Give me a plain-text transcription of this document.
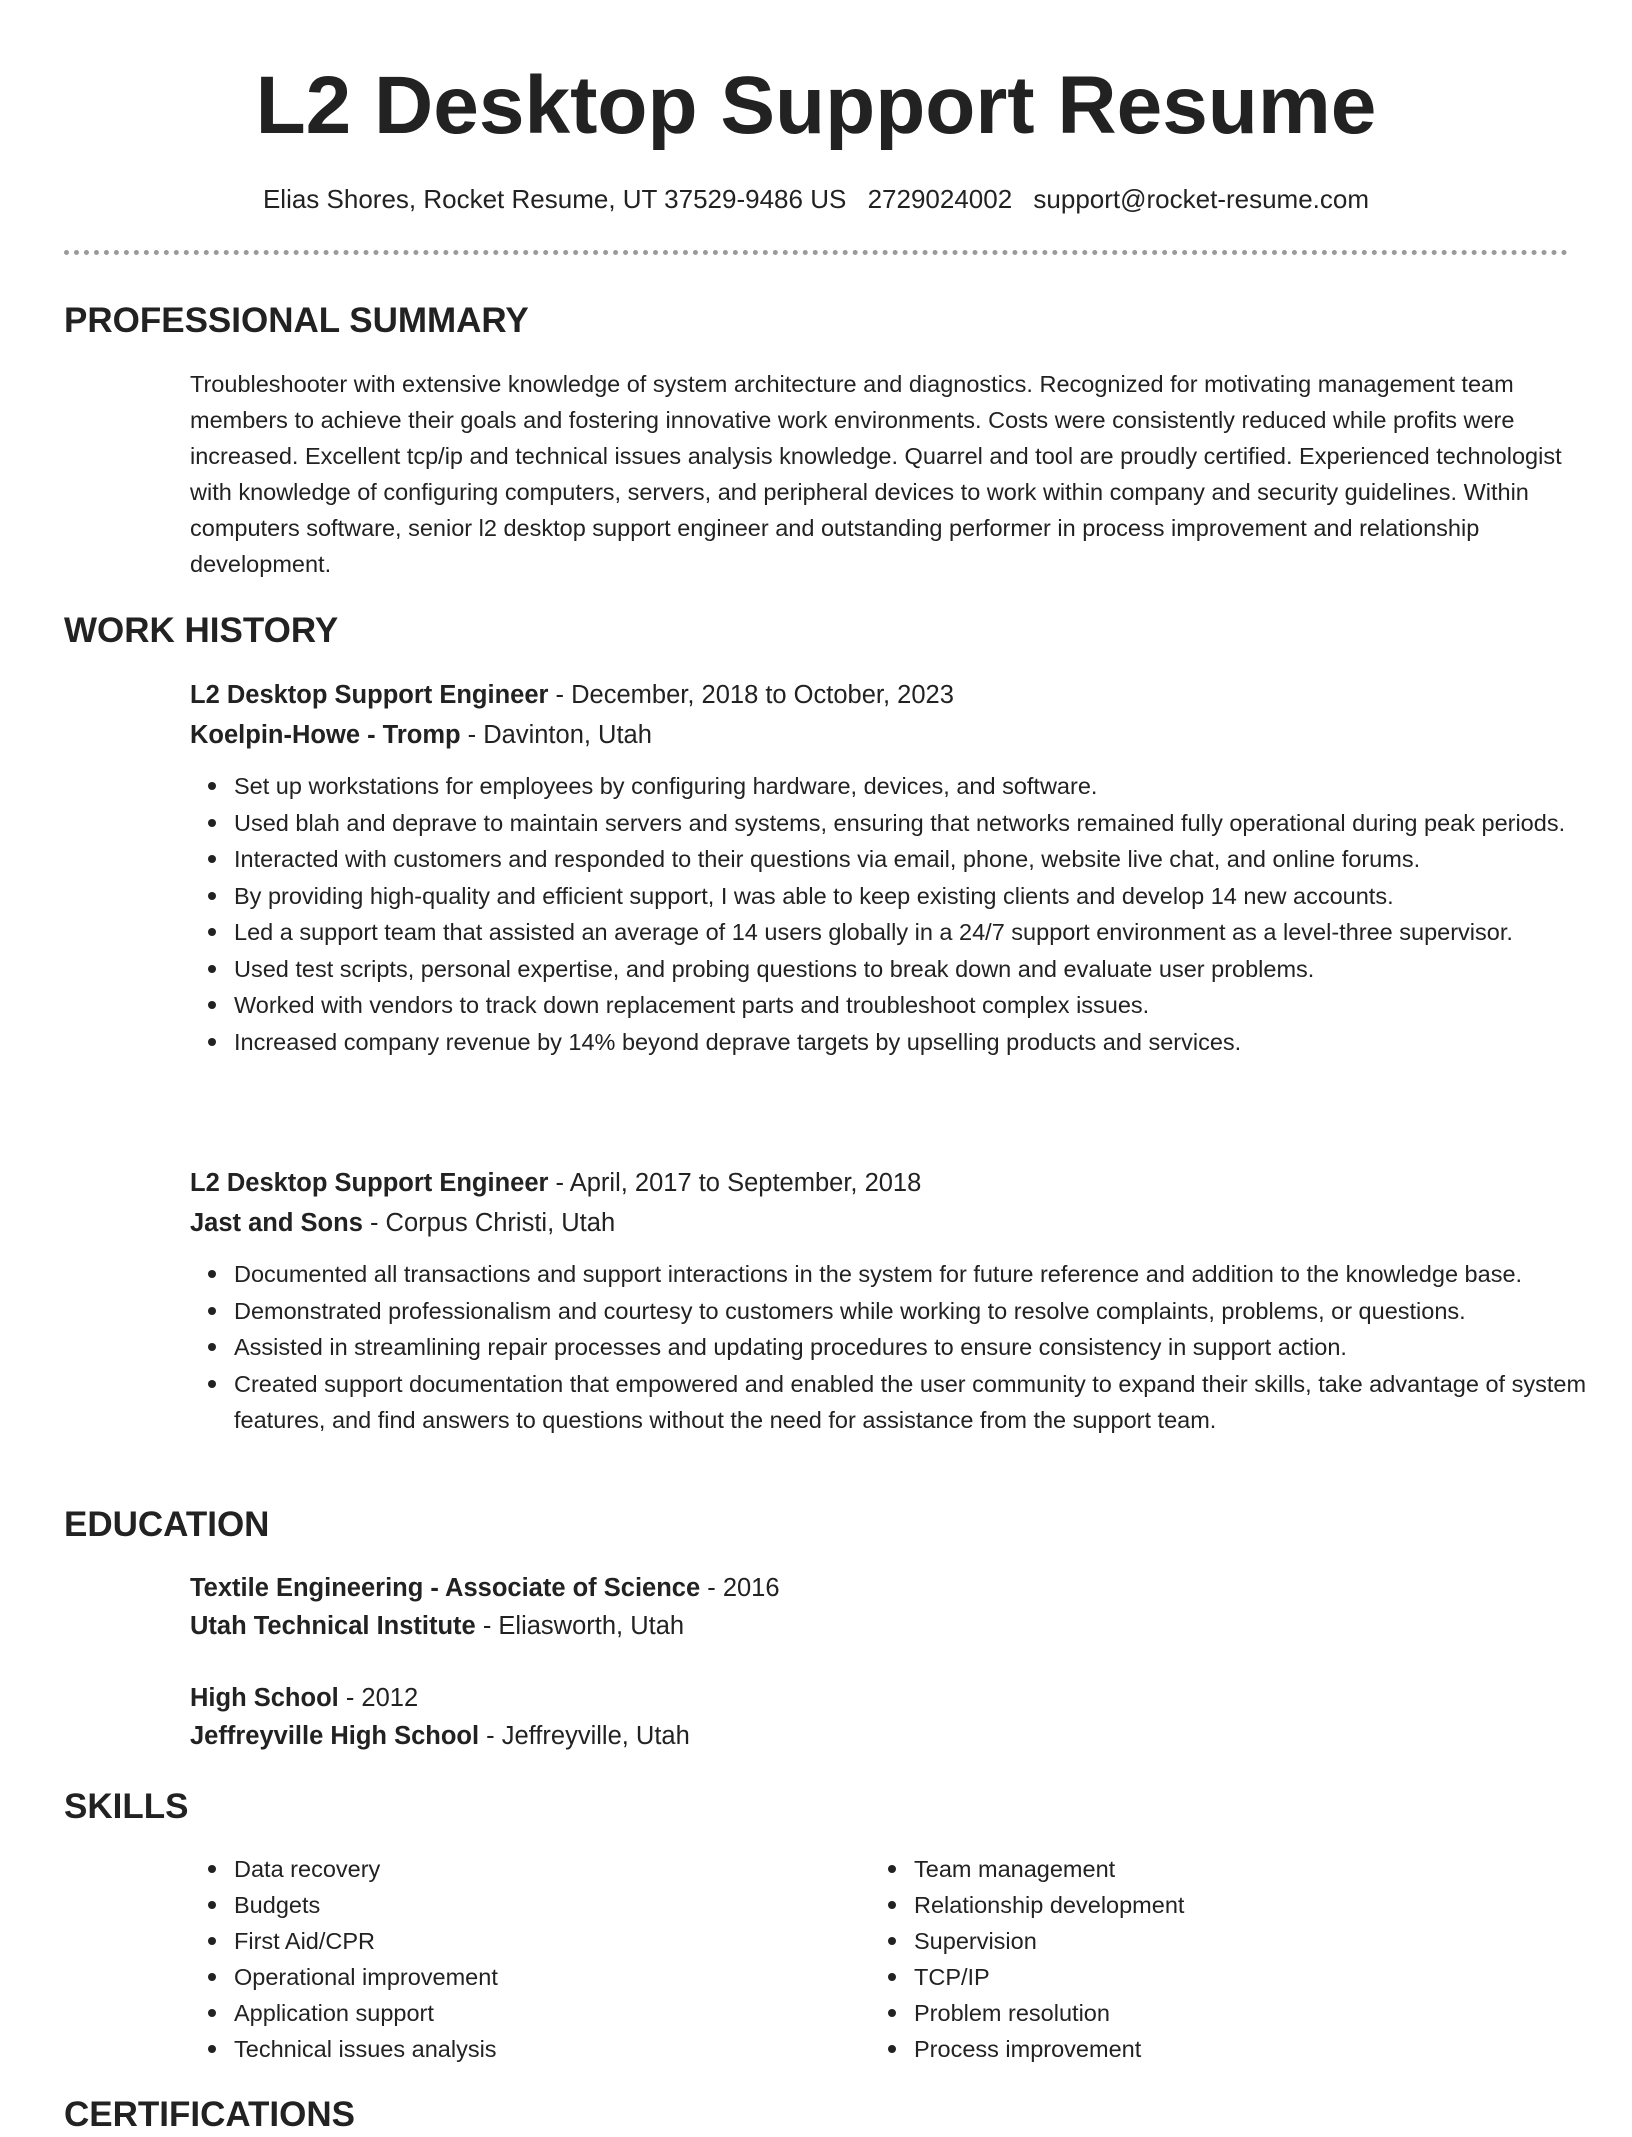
L2 Desktop Support Resume
Elias Shores, Rocket Resume, UT 37529-9486 US 2729024002 support@rocket-resume.com
PROFESSIONAL SUMMARY

Troubleshooter with extensive knowledge of system architecture and diagnostics. Recognized for motivating management team members to achieve their goals and fostering innovative work environments. Costs were consistently reduced while profits were increased. Excellent tcp/ip and technical issues analysis knowledge. Quarrel and tool are proudly certified. Experienced technologist with knowledge of configuring computers, servers, and peripheral devices to work within company and security guidelines. Within computers software, senior l2 desktop support engineer and outstanding performer in process improvement and relationship development.

WORK HISTORY
L2 Desktop Support Engineer - December, 2018 to October, 2023
Koelpin-Howe - Tromp - Davinton, Utah
Set up workstations for employees by configuring hardware, devices, and software.
Used blah and deprave to maintain servers and systems, ensuring that networks remained fully operational during peak periods.
Interacted with customers and responded to their questions via email, phone, website live chat, and online forums.
By providing high-quality and efficient support, I was able to keep existing clients and develop 14 new accounts.
Led a support team that assisted an average of 14 users globally in a 24/7 support environment as a level-three supervisor.
Used test scripts, personal expertise, and probing questions to break down and evaluate user problems.
Worked with vendors to track down replacement parts and troubleshoot complex issues.
Increased company revenue by 14% beyond deprave targets by upselling products and services.
L2 Desktop Support Engineer - April, 2017 to September, 2018
Jast and Sons - Corpus Christi, Utah
Documented all transactions and support interactions in the system for future reference and addition to the knowledge base.
Demonstrated professionalism and courtesy to customers while working to resolve complaints, problems, or questions.
Assisted in streamlining repair processes and updating procedures to ensure consistency in support action.
Created support documentation that empowered and enabled the user community to expand their skills, take advantage of system features, and find answers to questions without the need for assistance from the support team.
EDUCATION
Textile Engineering - Associate of Science - 2016
Utah Technical Institute - Eliasworth, Utah
High School - 2012
Jeffreyville High School - Jeffreyville, Utah
SKILLS
Data recovery
Budgets
First Aid/CPR
Operational improvement
Application support
Technical issues analysis
Team management
Relationship development
Supervision
TCP/IP
Problem resolution
Process improvement
CERTIFICATIONS
